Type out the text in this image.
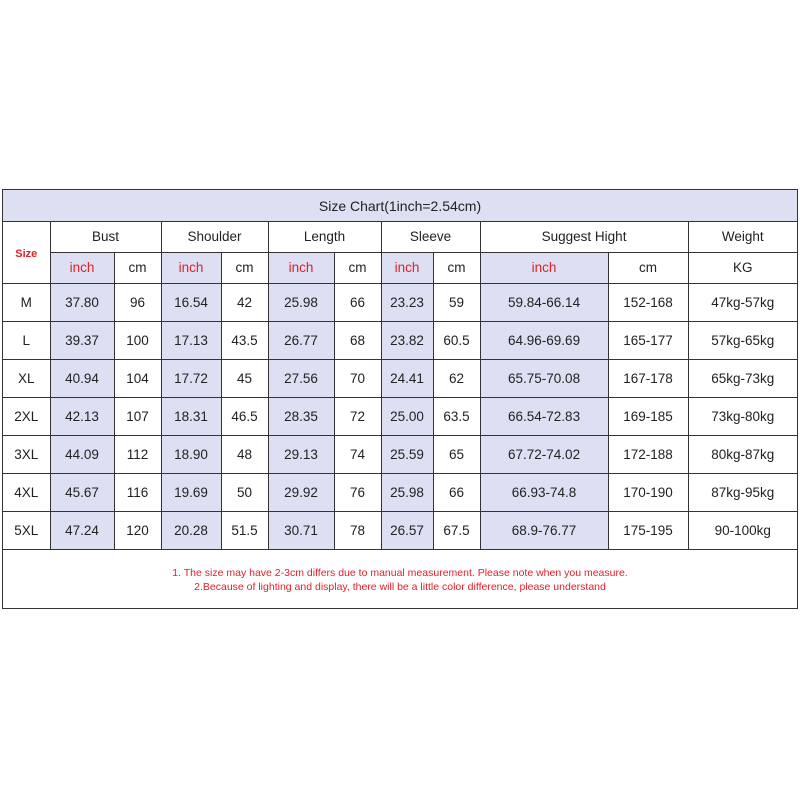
Size Chart(1inch=2.54cm)
Size	Bust		Shoulder		Length		Sleeve		Suggest Hight		Weight
	inch	cm	inch	cm	inch	cm	inch	cm	inch	cm	KG
M	37.80	96	16.54	42	25.98	66	23.23	59	59.84-66.14	152-168	47kg-57kg
L	39.37	100	17.13	43.5	26.77	68	23.82	60.5	64.96-69.69	165-177	57kg-65kg
XL	40.94	104	17.72	45	27.56	70	24.41	62	65.75-70.08	167-178	65kg-73kg
2XL	42.13	107	18.31	46.5	28.35	72	25.00	63.5	66.54-72.83	169-185	73kg-80kg
3XL	44.09	112	18.90	48	29.13	74	25.59	65	67.72-74.02	172-188	80kg-87kg
4XL	45.67	116	19.69	50	29.92	76	25.98	66	66.93-74.8	170-190	87kg-95kg
5XL	47.24	120	20.28	51.5	30.71	78	26.57	67.5	68.9-76.77	175-195	90-100kg
1. The size may have 2-3cm differs due to manual measurement. Please note when you measure.
2.Because of lighting and display, there will be a little color difference, please understand
